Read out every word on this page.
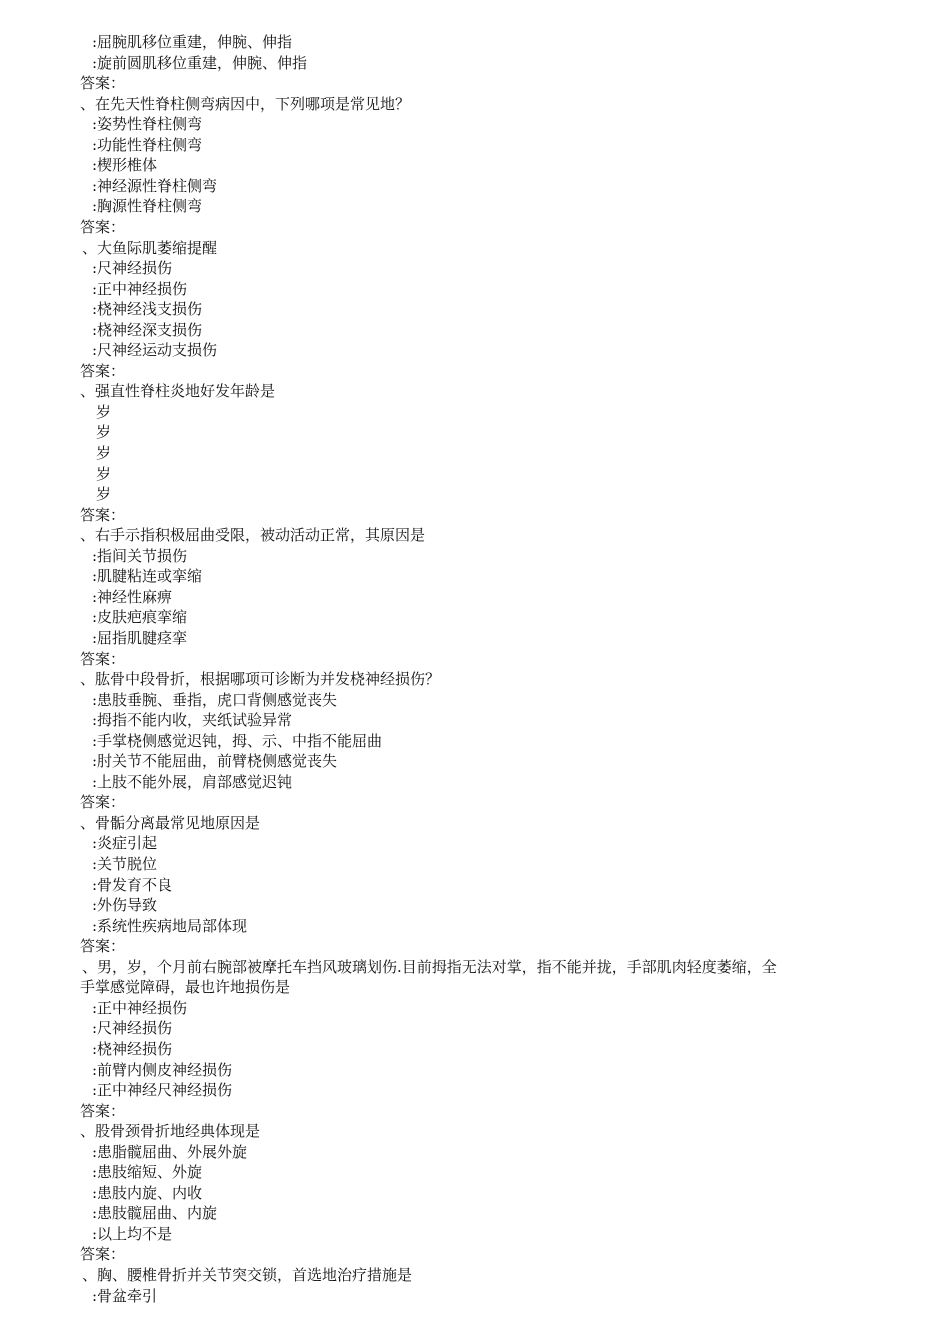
:屈腕肌移位重建，伸腕、伸指
:旋前圆肌移位重建，伸腕、伸指
答案：
、在先天性脊柱侧弯病因中，下列哪项是常见地？
:姿势性脊柱侧弯
:功能性脊柱侧弯
:楔形椎体
:神经源性脊柱侧弯
:胸源性脊柱侧弯
答案：
、大鱼际肌萎缩提醒
:尺神经损伤
:正中神经损伤
:桡神经浅支损伤
:桡神经深支损伤
:尺神经运动支损伤
答案：
、强直性脊柱炎地好发年龄是
岁
岁
岁
岁
岁
答案：
、右手示指积极屈曲受限，被动活动正常，其原因是
:指间关节损伤
:肌腱粘连或挛缩
:神经性麻痹
:皮肤疤痕挛缩
:屈指肌腱痉挛
答案：
、肱骨中段骨折，根据哪项可诊断为并发桡神经损伤？
:患肢垂腕、垂指，虎口背侧感觉丧失
:拇指不能内收，夹纸试验异常
:手掌桡侧感觉迟钝，拇、示、中指不能屈曲
:肘关节不能屈曲，前臂桡侧感觉丧失
:上肢不能外展，肩部感觉迟钝
答案：
、骨骺分离最常见地原因是
:炎症引起
:关节脱位
:骨发育不良
:外伤导致
:系统性疾病地局部体现
答案：
、男，岁，个月前右腕部被摩托车挡风玻璃划伤.目前拇指无法对掌，指不能并拢，手部肌肉轻度萎缩，全
手掌感觉障碍，最也许地损伤是
:正中神经损伤
:尺神经损伤
:桡神经损伤
:前臂内侧皮神经损伤
:正中神经尺神经损伤
答案：
、股骨颈骨折地经典体现是
:患脂髋屈曲、外展外旋
:患肢缩短、外旋
:患肢内旋、内收
:患肢髋屈曲、内旋
:以上均不是
答案：
、胸、腰椎骨折并关节突交锁，首选地治疗措施是
:骨盆牵引
